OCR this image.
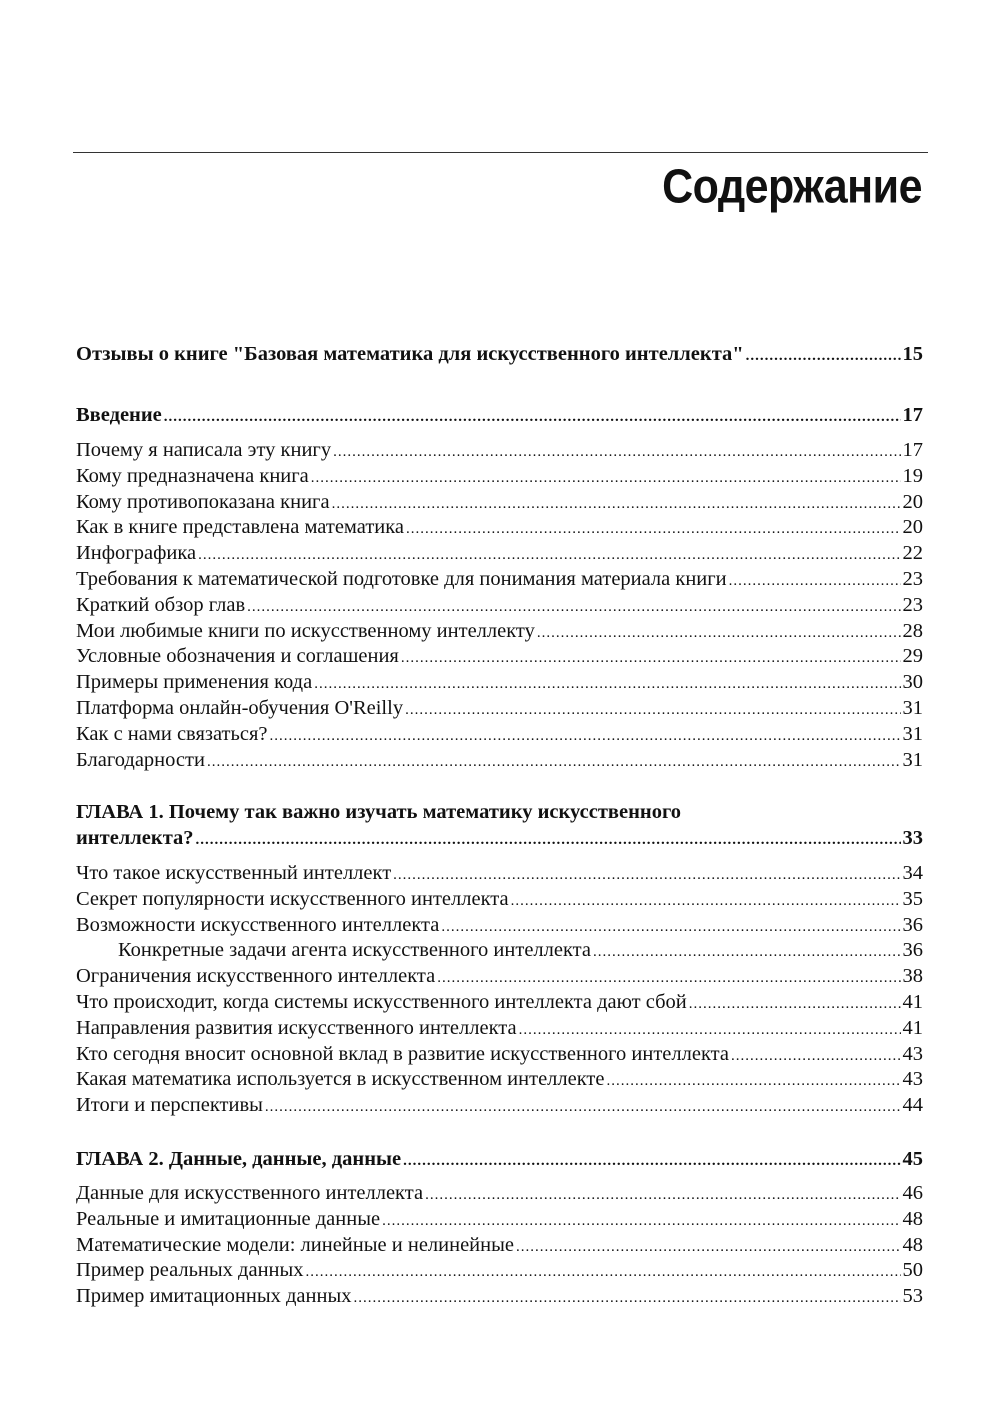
Содержание
Отзывы о книге "Базовая математика для искусственного интеллекта" .....	15
Введение .....	17
Почему я написала эту книгу .....	17
Кому предназначена книга .....	19
Кому противопоказана книга .....	20
Как в книге представлена математика .....	20
Инфографика .....	22
Требования к математической подготовке для понимания материала книги .....	23
Краткий обзор глав .....	23
Мои любимые книги по искусственному интеллекту .....	28
Условные обозначения и соглашения .....	29
Примеры применения кода .....	30
Платформа онлайн-обучения O'Reilly .....	31
Как с нами связаться? .....	31
Благодарности .....	31
ГЛАВА 1. Почему так важно изучать математику искусственного
интеллекта? .....	33
Что такое искусственный интеллект .....	34
Секрет популярности искусственного интеллекта .....	35
Возможности искусственного интеллекта .....	36
Конкретные задачи агента искусственного интеллекта .....	36
Ограничения искусственного интеллекта .....	38
Что происходит, когда системы искусственного интеллекта дают сбой .....	41
Направления развития искусственного интеллекта .....	41
Кто сегодня вносит основной вклад в развитие искусственного интеллекта .....	43
Какая математика используется в искусственном интеллекте .....	43
Итоги и перспективы .....	44
ГЛАВА 2. Данные, данные, данные .....	45
Данные для искусственного интеллекта .....	46
Реальные и имитационные данные .....	48
Математические модели: линейные и нелинейные .....	48
Пример реальных данных .....	50
Пример имитационных данных .....	53
